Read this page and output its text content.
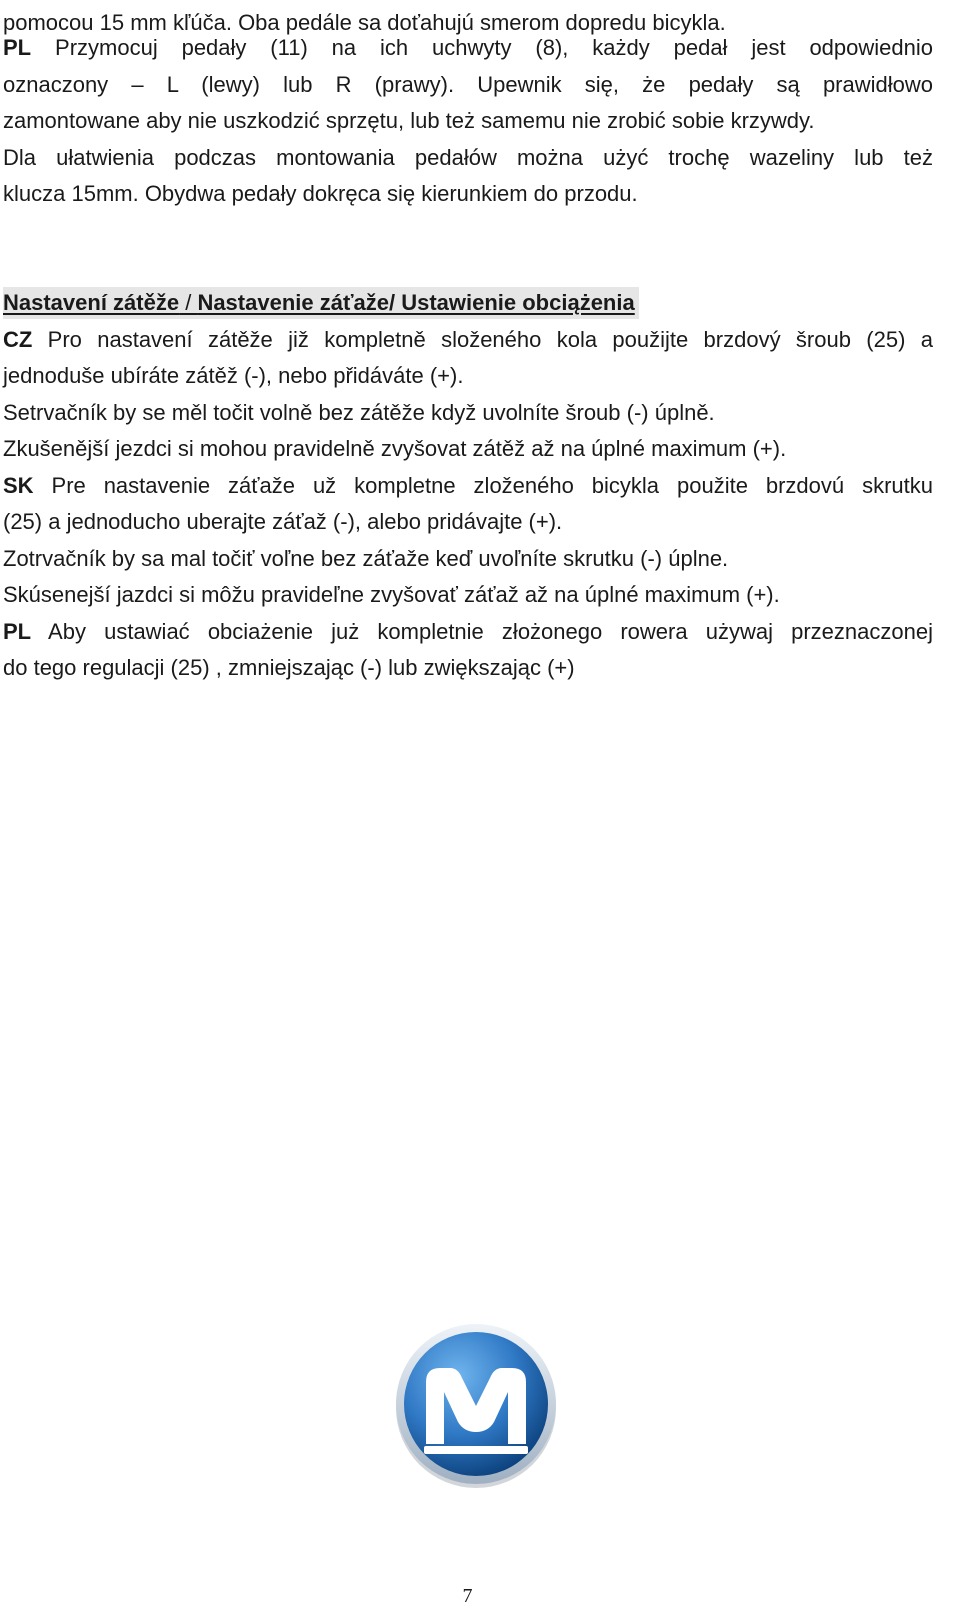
pomocou 15 mm kľúča. Oba pedále sa doťahujú smerom dopredu bicykla.
PL Przymocuj pedały (11) na ich uchwyty (8), każdy pedał jest odpowiednio
oznaczony – L (lewy) lub R (prawy). Upewnik się, że pedały są prawidłowo
zamontowane aby nie uszkodzić sprzętu, lub też samemu nie zrobić sobie krzywdy.
Dla ułatwienia podczas montowania pedałów można użyć trochę wazeliny lub też
klucza 15mm. Obydwa pedały dokręca się kierunkiem do przodu.
Nastavení zátěže / Nastavenie záťaže/ Ustawienie obciążenia
CZ Pro nastavení zátěže již kompletně složeného kola použijte brzdový šroub (25) a
jednoduše ubíráte zátěž (-), nebo přidáváte (+).
Setrvačník by se měl točit volně bez zátěže když uvolníte šroub (-) úplně.
Zkušenější jezdci si mohou pravidelně zvyšovat zátěž až na úplné maximum (+).
SK Pre nastavenie záťaže už kompletne zloženého bicykla použite brzdovú skrutku
(25) a jednoducho uberajte záťaž (-), alebo pridávajte (+).
Zotrvačník by sa mal točiť voľne bez záťaže keď uvoľníte skrutku (-) úplne.
Skúsenejší jazdci si môžu pravideľne zvyšovať záťaž až na úplné maximum (+).
PL Aby ustawiać obciażenie już kompletnie złożonego rowera używaj przeznaczonej
do tego regulacji (25) , zmniejszając (-) lub zwiększając (+)
7
